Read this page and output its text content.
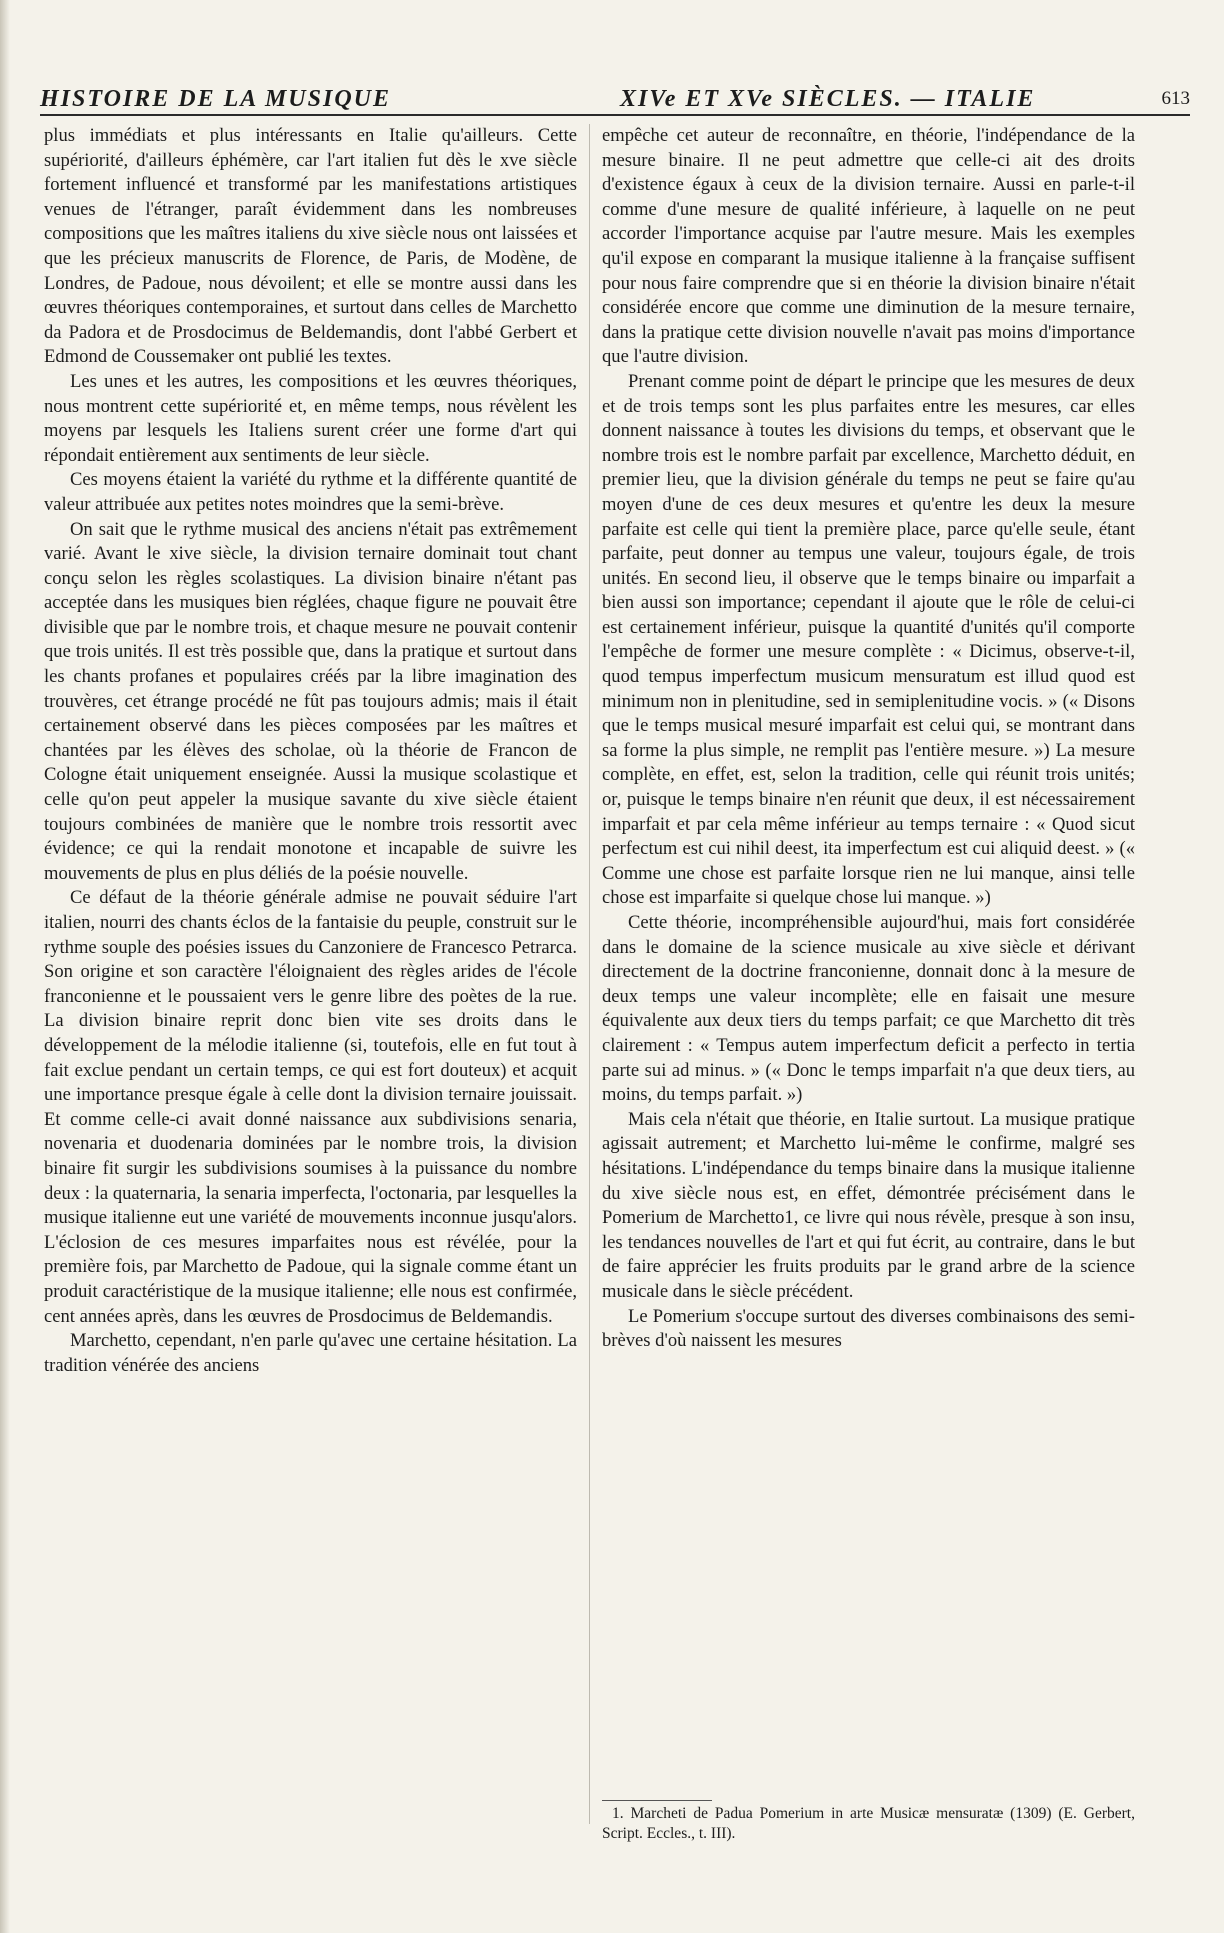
HISTOIRE DE LA MUSIQUE	XIVe ET XVe SIÈCLES. — ITALIE	613

plus immédiats et plus intéressants en Italie qu'ailleurs. Cette supériorité, d'ailleurs éphémère, car l'art italien fut dès le xve siècle fortement influencé et transformé par les manifestations artistiques venues de l'étranger, paraît évidemment dans les nombreuses compositions que les maîtres italiens du xive siècle nous ont laissées et que les précieux manuscrits de Florence, de Paris, de Modène, de Londres, de Padoue, nous dévoilent; et elle se montre aussi dans les œuvres théoriques contemporaines, et surtout dans celles de Marchetto da Padora et de Prosdocimus de Beldemandis, dont l'abbé Gerbert et Edmond de Coussemaker ont publié les textes.

Les unes et les autres, les compositions et les œuvres théoriques, nous montrent cette supériorité et, en même temps, nous révèlent les moyens par lesquels les Italiens surent créer une forme d'art qui répondait entièrement aux sentiments de leur siècle.

Ces moyens étaient la variété du rythme et la différente quantité de valeur attribuée aux petites notes moindres que la semi-brève.

On sait que le rythme musical des anciens n'était pas extrêmement varié. Avant le xive siècle, la division ternaire dominait tout chant conçu selon les règles scolastiques. La division binaire n'étant pas acceptée dans les musiques bien réglées, chaque figure ne pouvait être divisible que par le nombre trois, et chaque mesure ne pouvait contenir que trois unités. Il est très possible que, dans la pratique et surtout dans les chants profanes et populaires créés par la libre imagination des trouvères, cet étrange procédé ne fût pas toujours admis; mais il était certainement observé dans les pièces composées par les maîtres et chantées par les élèves des scholae, où la théorie de Francon de Cologne était uniquement enseignée. Aussi la musique scolastique et celle qu'on peut appeler la musique savante du xive siècle étaient toujours combinées de manière que le nombre trois ressortit avec évidence; ce qui la rendait monotone et incapable de suivre les mouvements de plus en plus déliés de la poésie nouvelle.

Ce défaut de la théorie générale admise ne pouvait séduire l'art italien, nourri des chants éclos de la fantaisie du peuple, construit sur le rythme souple des poésies issues du Canzoniere de Francesco Petrarca. Son origine et son caractère l'éloignaient des règles arides de l'école franconienne et le poussaient vers le genre libre des poètes de la rue. La division binaire reprit donc bien vite ses droits dans le développement de la mélodie italienne (si, toutefois, elle en fut tout à fait exclue pendant un certain temps, ce qui est fort douteux) et acquit une importance presque égale à celle dont la division ternaire jouissait. Et comme celle-ci avait donné naissance aux subdivisions senaria, novenaria et duodenaria dominées par le nombre trois, la division binaire fit surgir les subdivisions soumises à la puissance du nombre deux : la quaternaria, la senaria imperfecta, l'octonaria, par lesquelles la musique italienne eut une variété de mouvements inconnue jusqu'alors. L'éclosion de ces mesures imparfaites nous est révélée, pour la première fois, par Marchetto de Padoue, qui la signale comme étant un produit caractéristique de la musique italienne; elle nous est confirmée, cent années après, dans les œuvres de Prosdocimus de Beldemandis.

Marchetto, cependant, n'en parle qu'avec une certaine hésitation. La tradition vénérée des anciens

empêche cet auteur de reconnaître, en théorie, l'indépendance de la mesure binaire. Il ne peut admettre que celle-ci ait des droits d'existence égaux à ceux de la division ternaire. Aussi en parle-t-il comme d'une mesure de qualité inférieure, à laquelle on ne peut accorder l'importance acquise par l'autre mesure. Mais les exemples qu'il expose en comparant la musique italienne à la française suffisent pour nous faire comprendre que si en théorie la division binaire n'était considérée encore que comme une diminution de la mesure ternaire, dans la pratique cette division nouvelle n'avait pas moins d'importance que l'autre division.

Prenant comme point de départ le principe que les mesures de deux et de trois temps sont les plus parfaites entre les mesures, car elles donnent naissance à toutes les divisions du temps, et observant que le nombre trois est le nombre parfait par excellence, Marchetto déduit, en premier lieu, que la division générale du temps ne peut se faire qu'au moyen d'une de ces deux mesures et qu'entre les deux la mesure parfaite est celle qui tient la première place, parce qu'elle seule, étant parfaite, peut donner au tempus une valeur, toujours égale, de trois unités. En second lieu, il observe que le temps binaire ou imparfait a bien aussi son importance; cependant il ajoute que le rôle de celui-ci est certainement inférieur, puisque la quantité d'unités qu'il comporte l'empêche de former une mesure complète : « Dicimus, observe-t-il, quod tempus imperfectum musicum mensuratum est illud quod est minimum non in plenitudine, sed in semiplenitudine vocis. » (« Disons que le temps musical mesuré imparfait est celui qui, se montrant dans sa forme la plus simple, ne remplit pas l'entière mesure. ») La mesure complète, en effet, est, selon la tradition, celle qui réunit trois unités; or, puisque le temps binaire n'en réunit que deux, il est nécessairement imparfait et par cela même inférieur au temps ternaire : « Quod sicut perfectum est cui nihil deest, ita imperfectum est cui aliquid deest. » (« Comme une chose est parfaite lorsque rien ne lui manque, ainsi telle chose est imparfaite si quelque chose lui manque. »)

Cette théorie, incompréhensible aujourd'hui, mais fort considérée dans le domaine de la science musicale au xive siècle et dérivant directement de la doctrine franconienne, donnait donc à la mesure de deux temps une valeur incomplète; elle en faisait une mesure équivalente aux deux tiers du temps parfait; ce que Marchetto dit très clairement : « Tempus autem imperfectum deficit a perfecto in tertia parte sui ad minus. » (« Donc le temps imparfait n'a que deux tiers, au moins, du temps parfait. »)

Mais cela n'était que théorie, en Italie surtout. La musique pratique agissait autrement; et Marchetto lui-même le confirme, malgré ses hésitations. L'indépendance du temps binaire dans la musique italienne du xive siècle nous est, en effet, démontrée précisément dans le Pomerium de Marchetto1, ce livre qui nous révèle, presque à son insu, les tendances nouvelles de l'art et qui fut écrit, au contraire, dans le but de faire apprécier les fruits produits par le grand arbre de la science musicale dans le siècle précédent.

Le Pomerium s'occupe surtout des diverses combinaisons des semi-brèves d'où naissent les mesures

1. Marcheti de Padua Pomerium in arte Musicæ mensuratæ (1309) (E. Gerbert, Script. Eccles., t. III).
